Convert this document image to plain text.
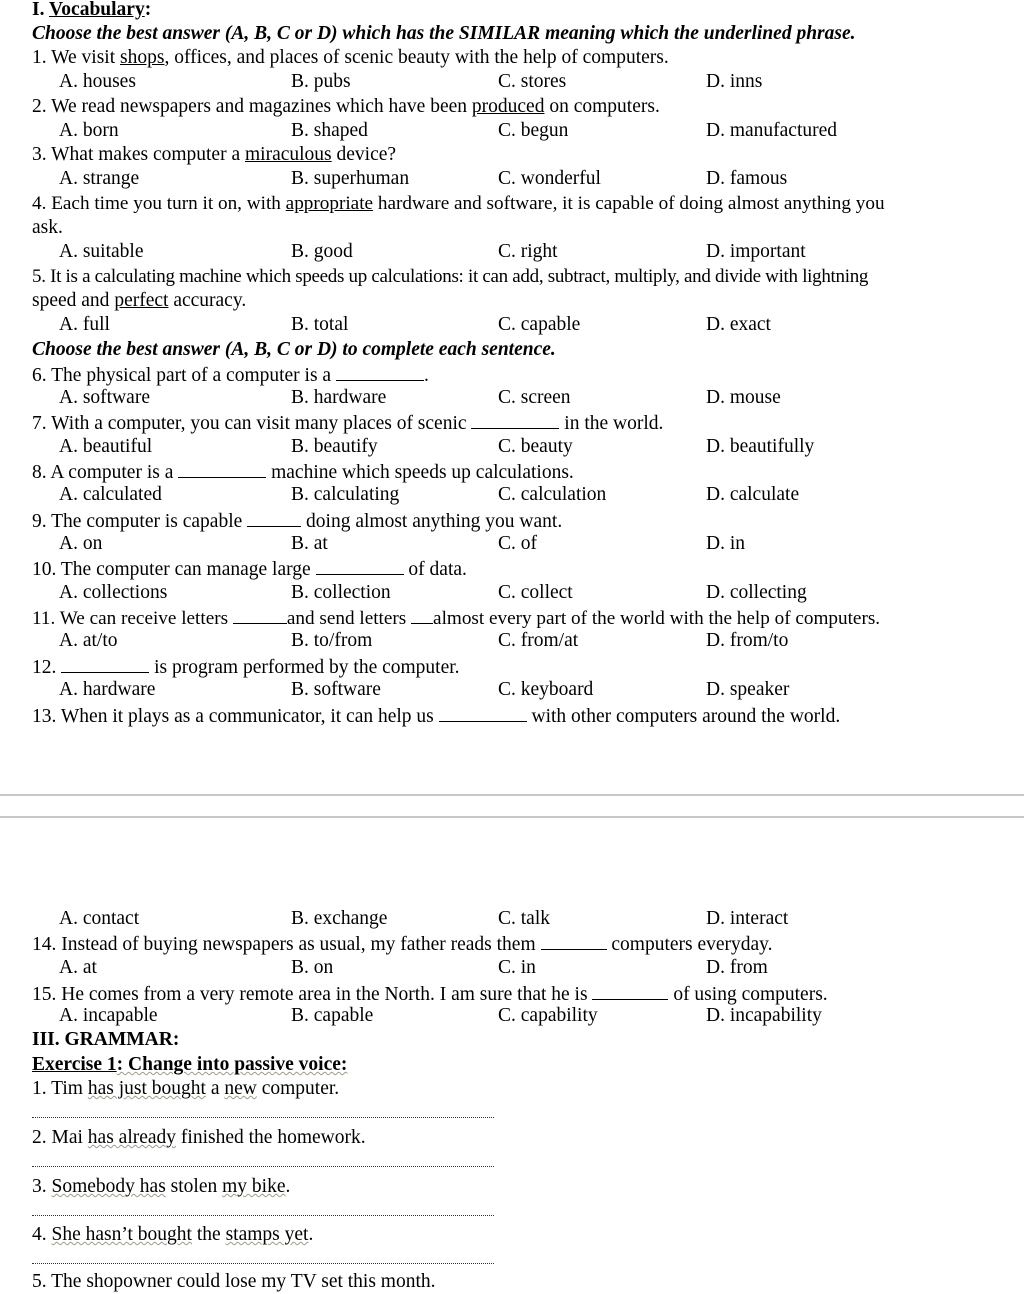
I. Vocabulary:
Choose the best answer (A, B, C or D) which has the SIMILAR meaning which the underlined phrase.
1. We visit shops, offices, and places of scenic beauty with the help of computers.
A. houses	B. pubs	C. stores	D. inns
2. We read newspapers and magazines which have been produced on computers.
A. born	B. shaped	C. begun	D. manufactured
3. What makes computer a miraculous device?
A. strange	B. superhuman	C. wonderful	D. famous
4. Each time you turn it on, with appropriate hardware and software, it is capable of doing almost anything you
ask.
A. suitable	B. good	C. right	D. important
5. It is a calculating machine which speeds up calculations: it can add, subtract, multiply, and divide with lightning
speed and perfect accuracy.
A. full	B. total	C. capable	D. exact
Choose the best answer (A, B, C or D) to complete each sentence.
6. The physical part of a computer is a	.
A. software	B. hardware	C. screen	D. mouse
7. With a computer, you can visit many places of scenic	in the world.
A. beautiful	B. beautify	C. beauty	D. beautifully
8. A computer is a	machine which speeds up calculations.
A. calculated	B. calculating	C. calculation	D. calculate
9. The computer is capable	doing almost anything you want.
A. on	B. at	C. of	D. in
10. The computer can manage large	of data.
A. collections	B. collection	C. collect	D. collecting
11. We can receive letters	and send letters almost every part of the world with the help of computers.
A. at/to	B. to/from	C. from/at	D. from/to
12.	is program performed by the computer.
A. hardware	B. software	C. keyboard	D. speaker
13. When it plays as a communicator, it can help us	with other computers around the world.
A. contact	B. exchange	C. talk	D. interact
14. Instead of buying newspapers as usual, my father reads them	computers everyday.
A. at	B. on	C. in	D. from
15. He comes from a very remote area in the North. I am sure that he is	of using computers.
A. incapable	B. capable	C. capability	D. incapability
III. GRAMMAR:
Exercise 1: Change into passive voice:
1. Tim has just bought a new computer.
2. Mai has already finished the homework.
3. Somebody has stolen my bike.
4. She hasn’t bought the stamps yet.
5. The shopowner could lose my TV set this month.
